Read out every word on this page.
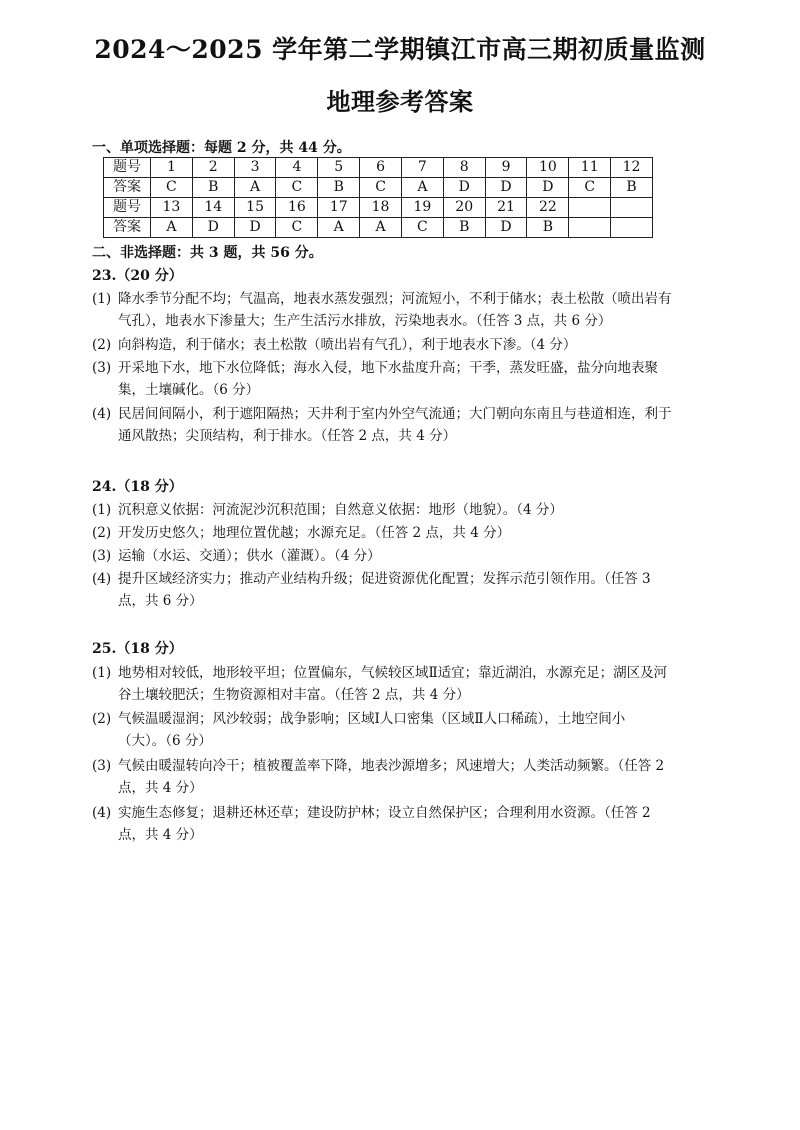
2024～2025 学年第二学期镇江市高三期初质量监测
地理参考答案
一、单项选择题：每题 2 分，共 44 分。
题号	1	2	3	4	5	6	7	8	9	10	11	12
答案	C	B	A	C	B	C	A	D	D	D	C	B
题号	13	14	15	16	17	18	19	20	21	22		
答案	A	D	D	C	A	A	C	B	D	B		
二、非选择题：共 3 题，共 56 分。
23.（20 分）
(1) 降水季节分配不均；气温高，地表水蒸发强烈；河流短小，不利于储水；表土松散（喷出岩有气孔），地表水下渗量大；生产生活污水排放，污染地表水。（任答 3 点，共 6 分）
(2) 向斜构造，利于储水；表土松散（喷出岩有气孔），利于地表水下渗。（4 分）
(3) 开采地下水，地下水位降低；海水入侵，地下水盐度升高；干季，蒸发旺盛，盐分向地表聚集，土壤碱化。（6 分）
(4) 民居间间隔小，利于遮阳隔热；天井利于室内外空气流通；大门朝向东南且与巷道相连，利于通风散热；尖顶结构，利于排水。（任答 2 点，共 4 分）
24.（18 分）
(1) 沉积意义依据：河流泥沙沉积范围；自然意义依据：地形（地貌）。（4 分）
(2) 开发历史悠久；地理位置优越；水源充足。（任答 2 点，共 4 分）
(3) 运输（水运、交通）；供水（灌溉）。（4 分）
(4) 提升区域经济实力；推动产业结构升级；促进资源优化配置；发挥示范引领作用。（任答 3 点，共 6 分）
25.（18 分）
(1) 地势相对较低，地形较平坦；位置偏东，气候较区域Ⅱ适宜；靠近湖泊，水源充足；湖区及河谷土壤较肥沃；生物资源相对丰富。（任答 2 点，共 4 分）
(2) 气候温暖湿润；风沙较弱；战争影响；区域Ⅰ人口密集（区域Ⅱ人口稀疏），土地空间小（大）。（6 分）
(3) 气候由暖湿转向冷干；植被覆盖率下降，地表沙源增多；风速增大；人类活动频繁。（任答 2 点，共 4 分）
(4) 实施生态修复；退耕还林还草；建设防护林；设立自然保护区；合理利用水资源。（任答 2 点，共 4 分）
